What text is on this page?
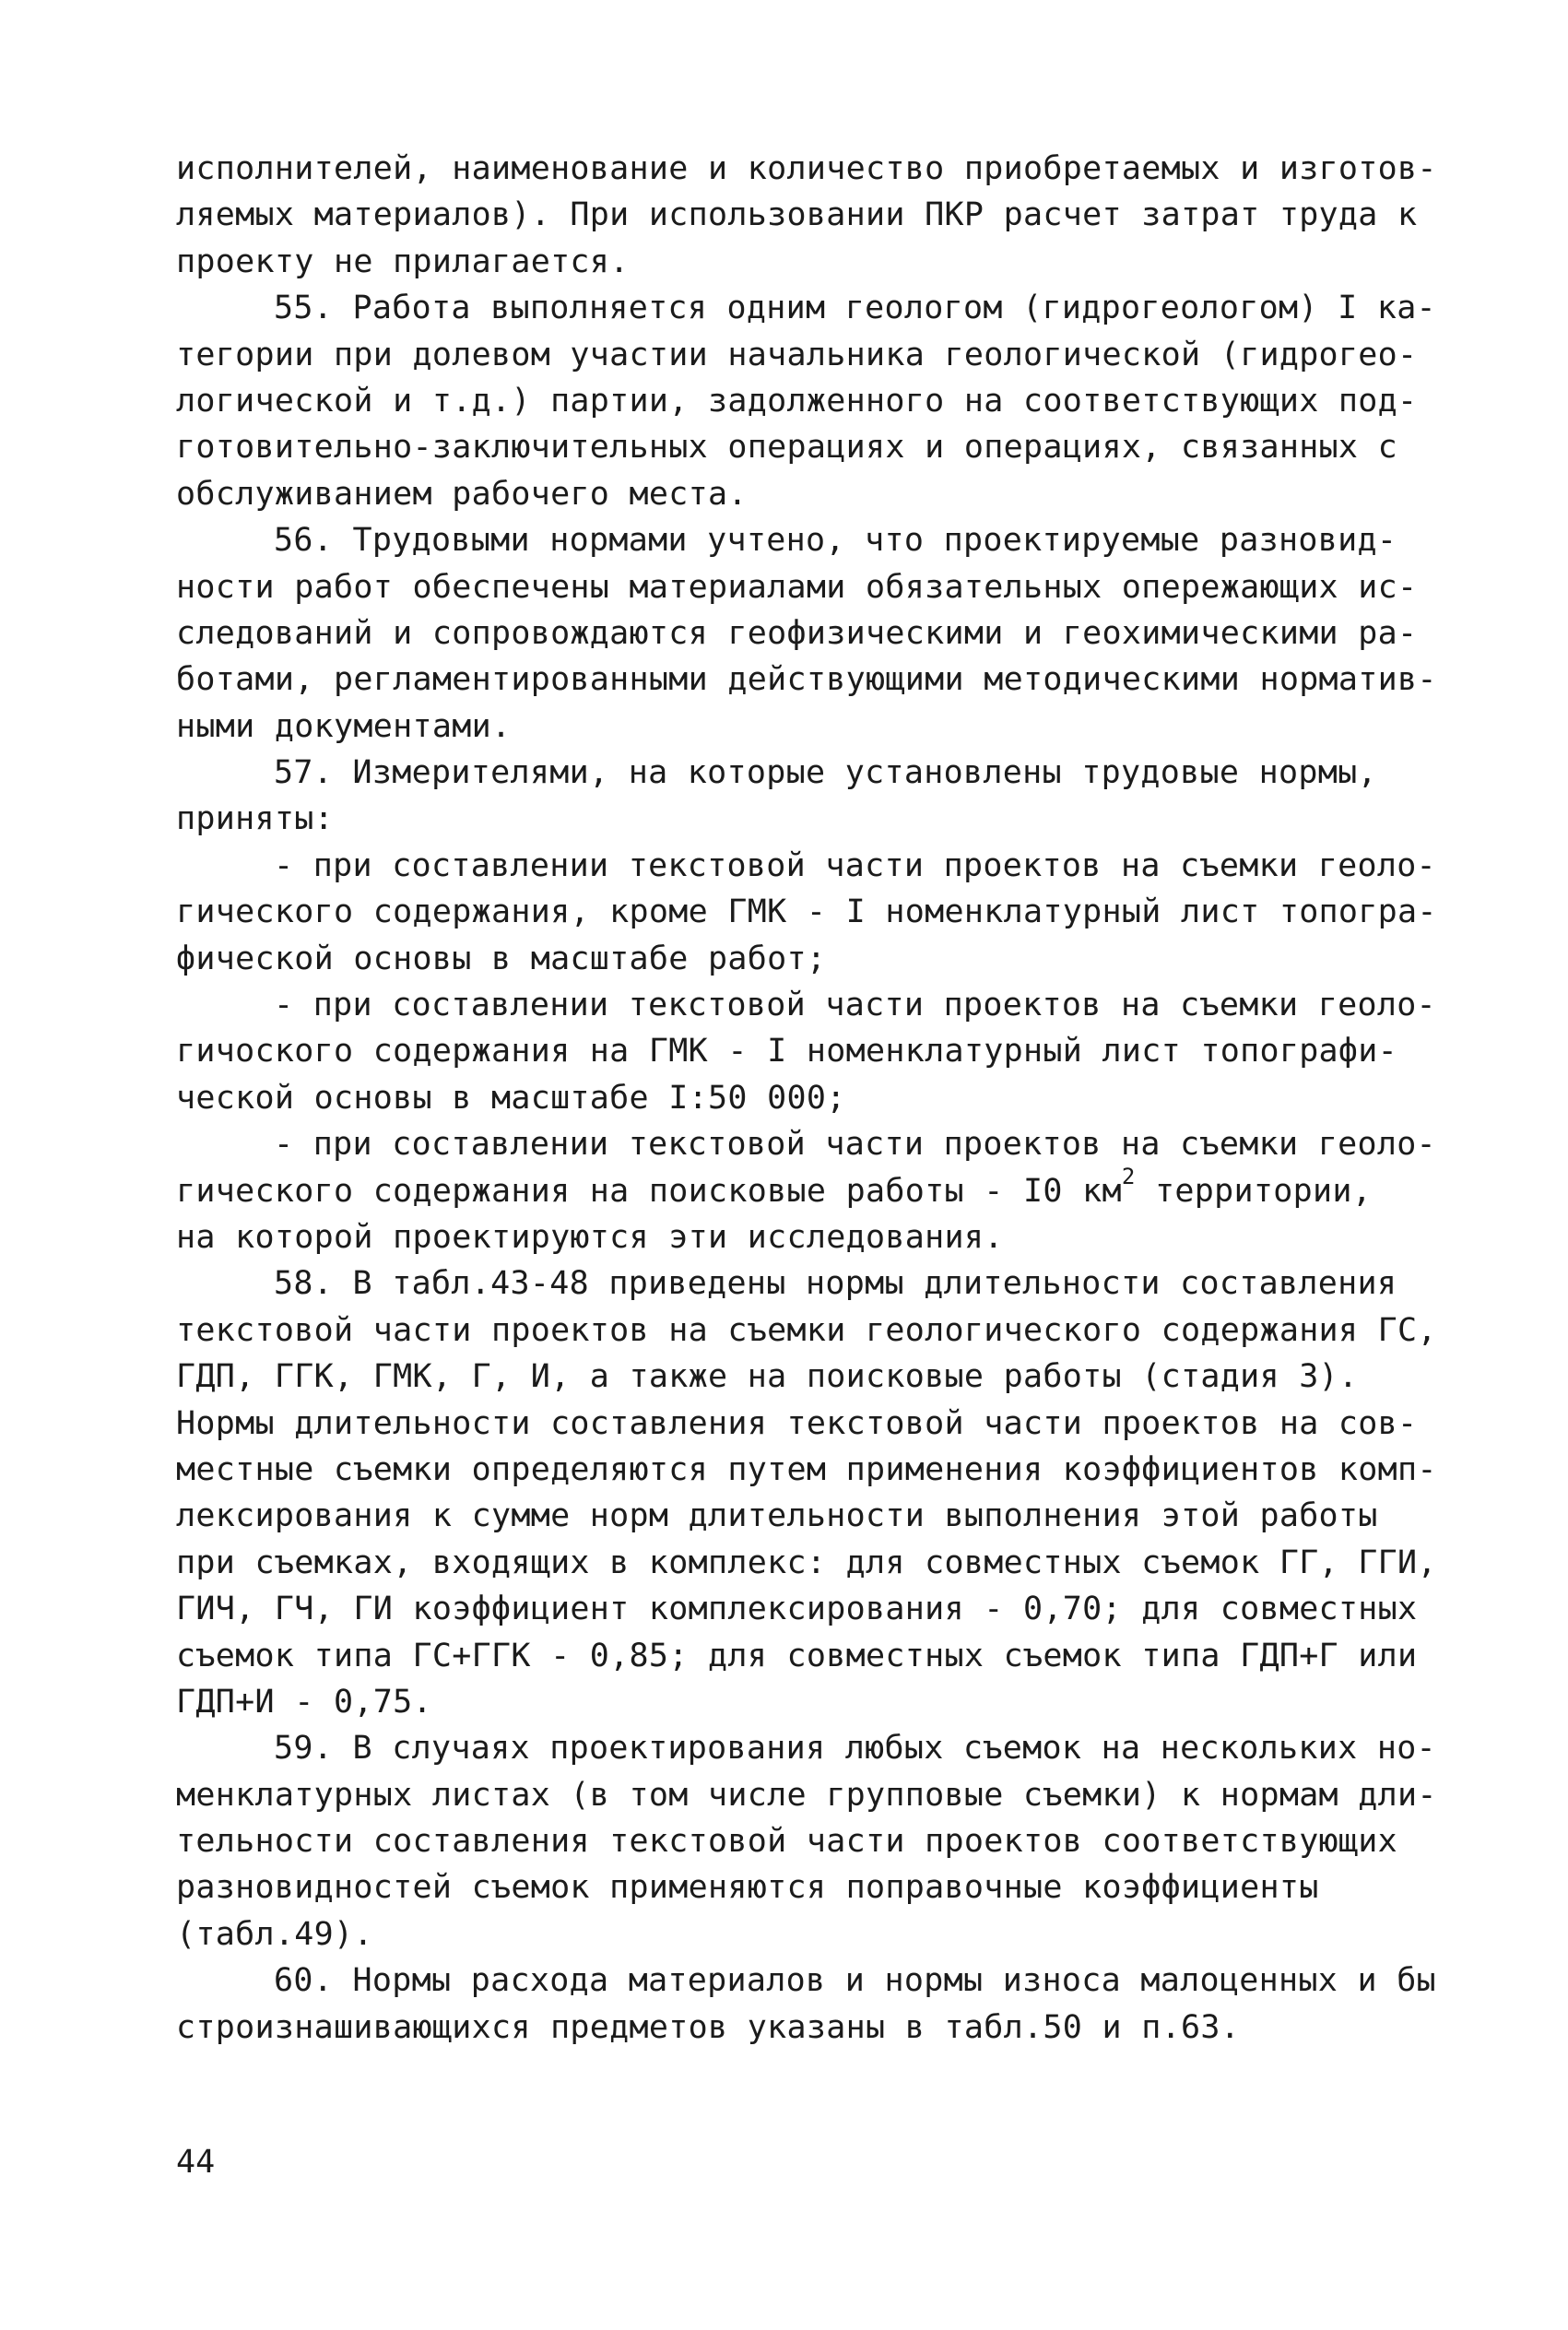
исполнителей, наименование и количество приобретаемых и изготов-
ляемых материалов). При использовании ПКР расчет затрат труда к
проекту не прилагается.
55. Работа выполняется одним геологом (гидрогеологом) I ка-
тегории при долевом участии начальника геологической (гидрогео-
логической и т.д.) партии, задолженного на соответствующих под-
готовительно-заключительных операциях и операциях, связанных с
обслуживанием рабочего места.
56. Трудовыми нормами учтено, что проектируемые разновид-
ности работ обеспечены материалами обязательных опережающих ис-
следований и сопровождаются геофизическими и геохимическими ра-
ботами, регламентированными действующими методическими норматив-
ными документами.
57. Измерителями, на которые установлены трудовые нормы,
приняты:
- при составлении текстовой части проектов на съемки геоло-
гического содержания, кроме ГМК - I номенклатурный лист топогра-
фической основы в масштабе работ;
- при составлении текстовой части проектов на съемки геоло-
гичоского содержания на ГМК - I номенклатурный лист топографи-
ческой основы в масштабе I:50 000;
- при составлении текстовой части проектов на съемки геоло-
гического содержания на поисковые работы - I0 $км^2$ территории,
на которой проектируются эти исследования.
58. В табл.43-48 приведены нормы длительности составления
текстовой части проектов на съемки геологического содержания ГС,
ГДП, ГГК, ГМК, Г, И, а также на поисковые работы (стадия 3).
Нормы длительности составления текстовой части проектов на сов-
местные съемки определяются путем применения коэффициентов комп-
лексирования к сумме норм длительности выполнения этой работы
при съемках, входящих в комплекс: для совместных съемок ГГ, ГГИ,
ГИЧ, ГЧ, ГИ коэффициент комплексирования - 0,70; для совместных
съемок типа ГС+ГГК - 0,85; для совместных съемок типа ГДП+Г или
ГДП+И - 0,75.
59. В случаях проектирования любых съемок на нескольких но-
менклатурных листах (в том числе групповые съемки) к нормам дли-
тельности составления текстовой части проектов соответствующих
разновидностей съемок применяются поправочные коэффициенты
(табл.49).
60. Нормы расхода материалов и нормы износа малоценных и бы
строизнашивающихся предметов указаны в табл.50 и п.63.
44
